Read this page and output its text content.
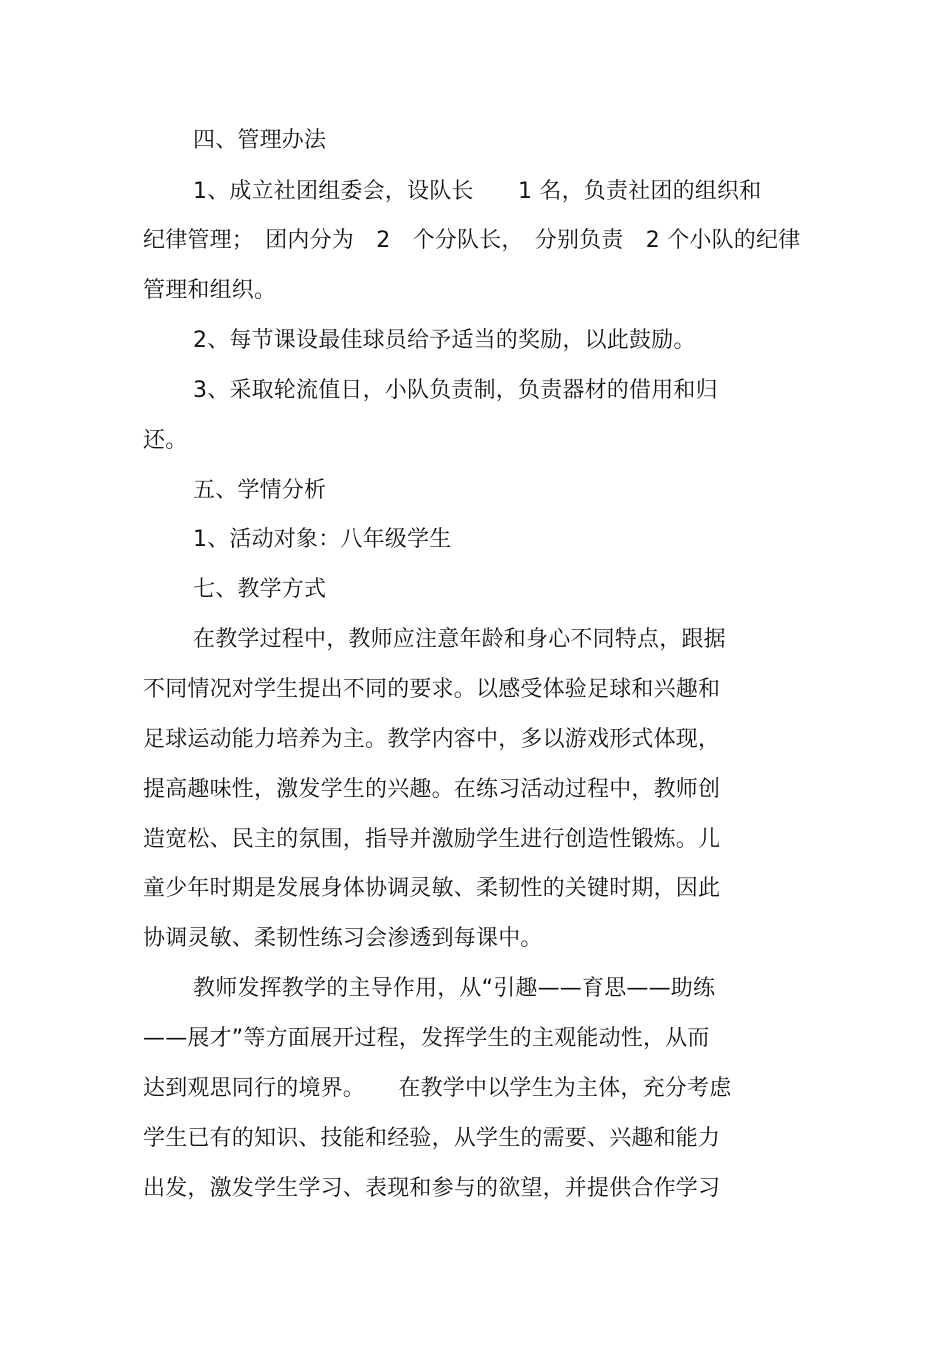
四、管理办法
1、成立社团组委会，设队长　　1 名，负责社团的组织和
纪律管理；　团内分为　2　个分队长，　分别负责　2 个小队的纪律
管理和组织。
2、每节课设最佳球员给予适当的奖励，以此鼓励。
3、采取轮流值日，小队负责制，负责器材的借用和归
还。
五、学情分析
1、活动对象：八年级学生
七、教学方式
在教学过程中，教师应注意年龄和身心不同特点，跟据
不同情况对学生提出不同的要求。以感受体验足球和兴趣和
足球运动能力培养为主。教学内容中，多以游戏形式体现，
提高趣味性，激发学生的兴趣。在练习活动过程中，教师创
造宽松、民主的氛围，指导并激励学生进行创造性锻炼。儿
童少年时期是发展身体协调灵敏、柔韧性的关键时期，因此
协调灵敏、柔韧性练习会渗透到每课中。
教师发挥教学的主导作用，从“引趣——育思——助练
——展才”等方面展开过程，发挥学生的主观能动性，从而
达到观思同行的境界。　　在教学中以学生为主体，充分考虑
学生已有的知识、技能和经验，从学生的需要、兴趣和能力
出发，激发学生学习、表现和参与的欲望，并提供合作学习
